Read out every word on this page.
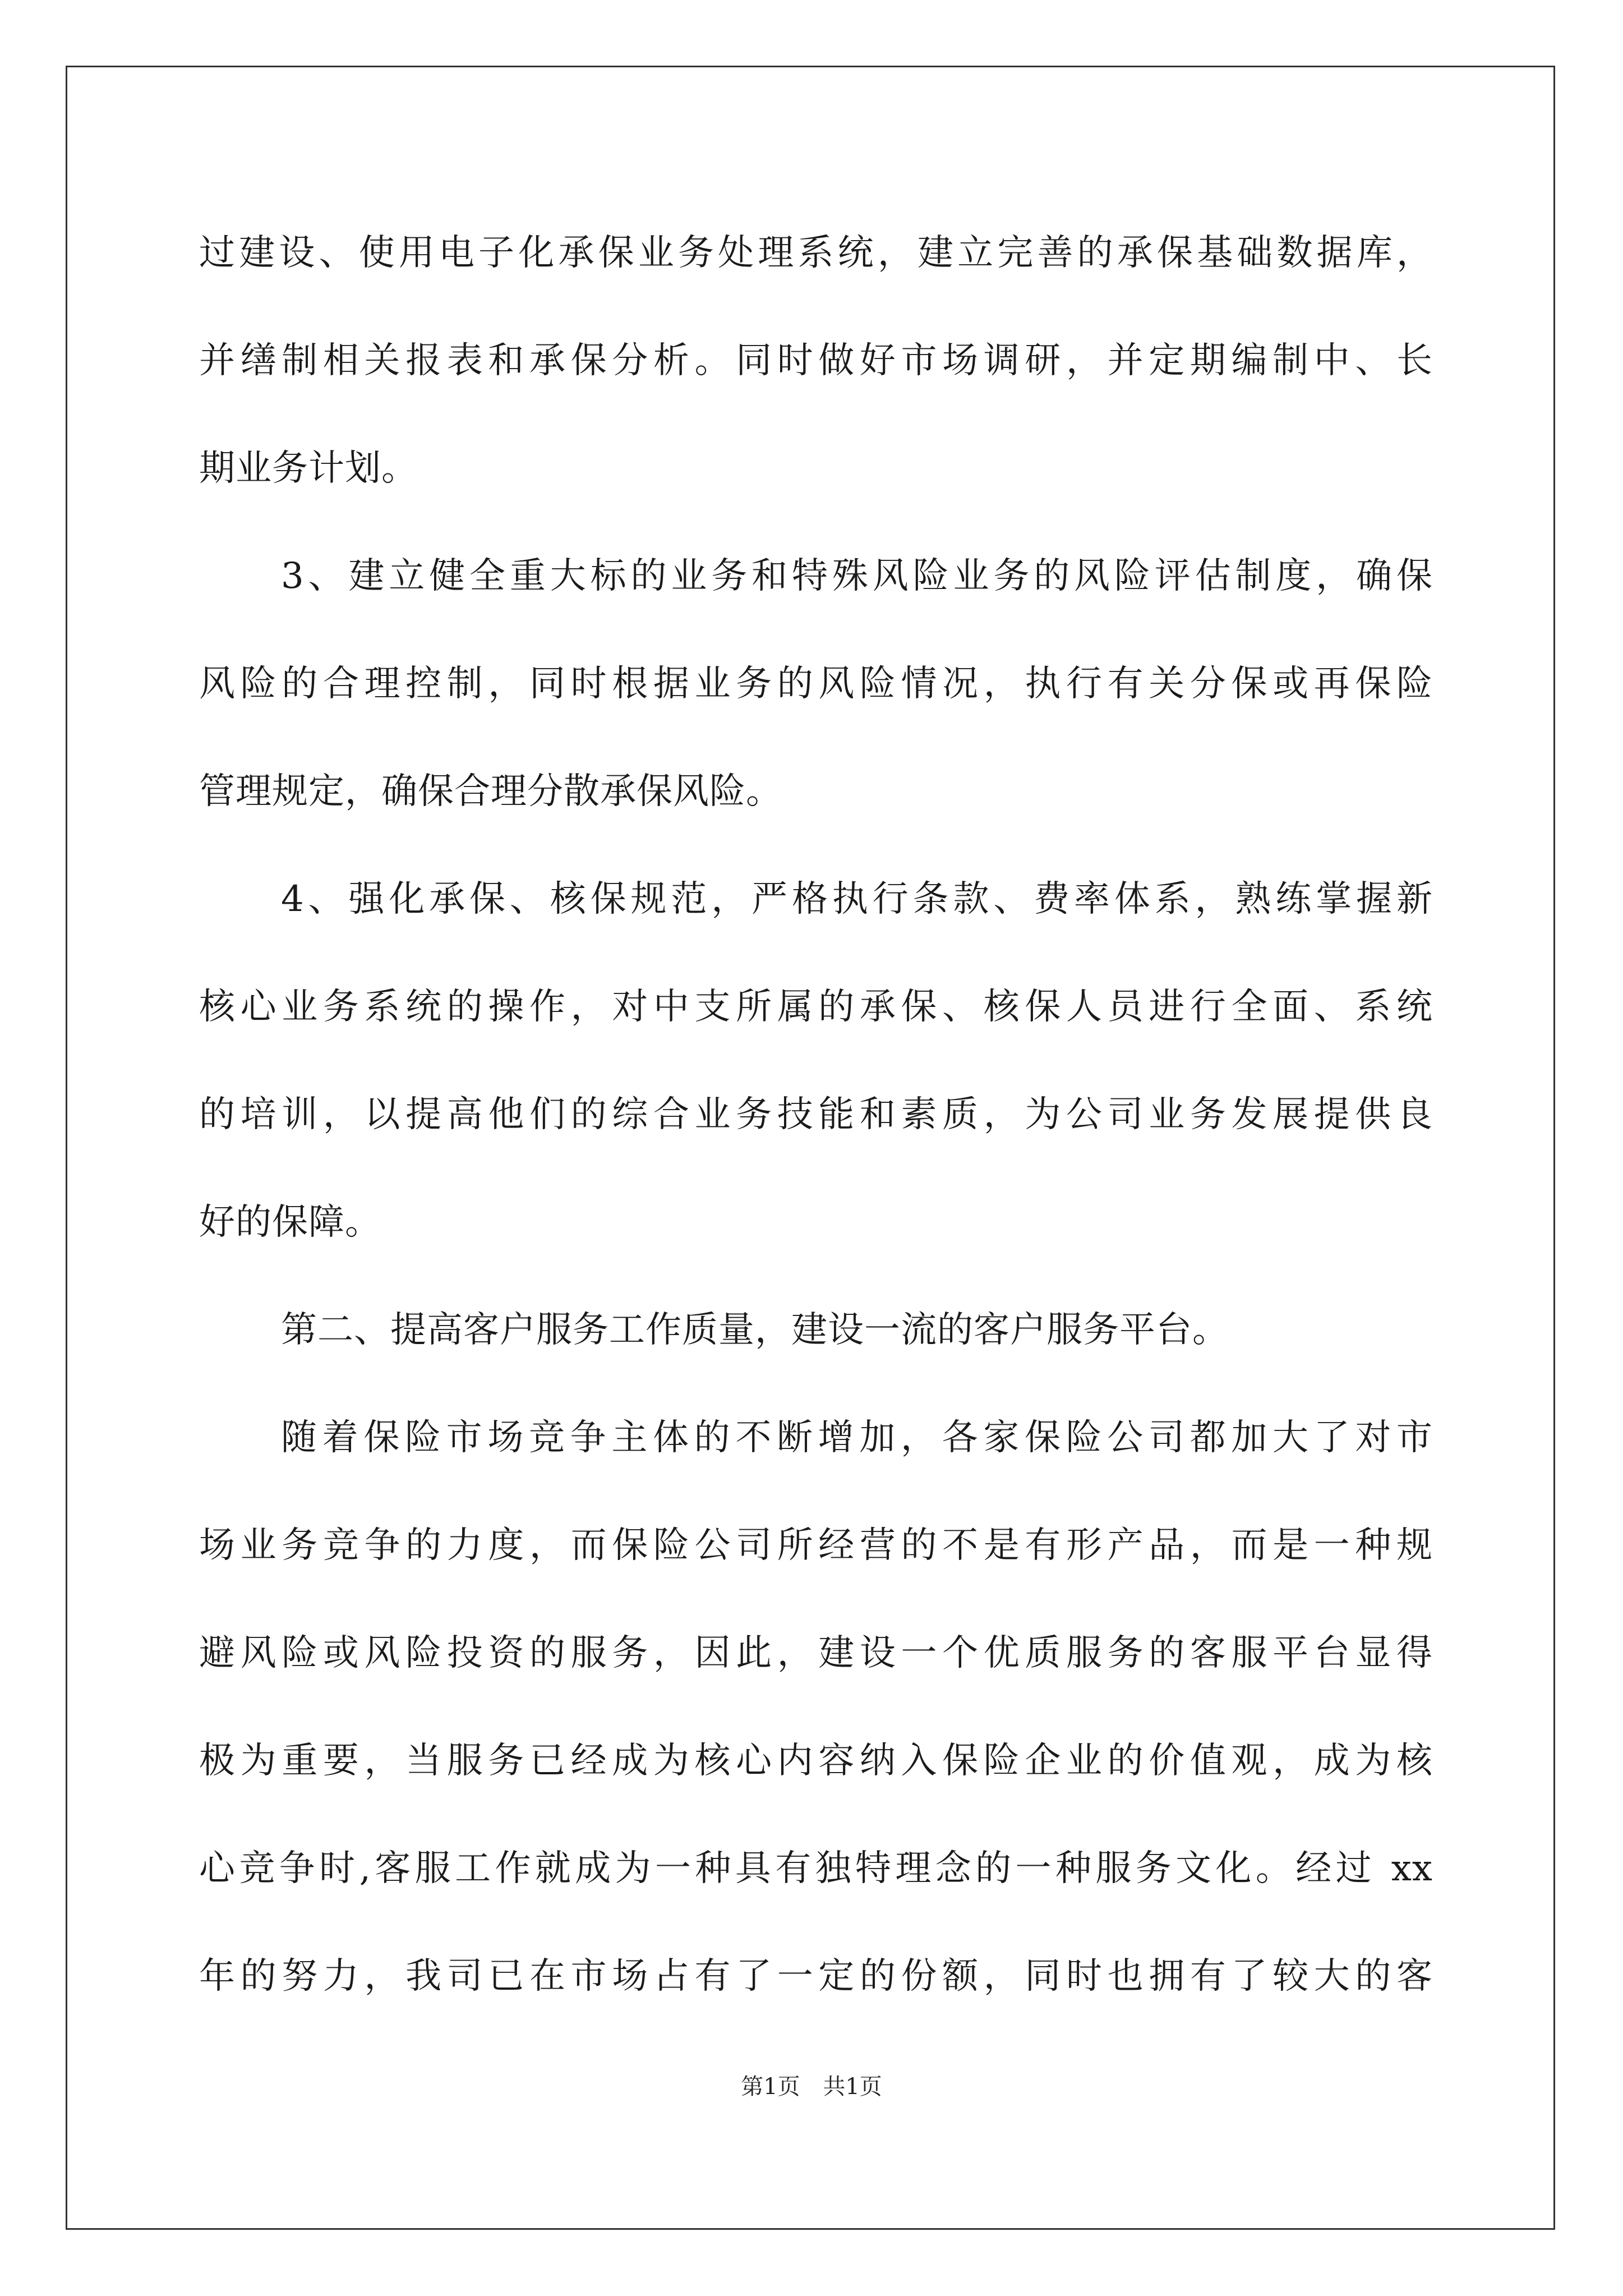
过建设、使用电子化承保业务处理系统，建立完善的承保基础数据库，
并缮制相关报表和承保分析。同时做好市场调研，并定期编制中、长
期业务计划。
3、建立健全重大标的业务和特殊风险业务的风险评估制度，确保
风险的合理控制，同时根据业务的风险情况，执行有关分保或再保险
管理规定，确保合理分散承保风险。
4、强化承保、核保规范，严格执行条款、费率体系，熟练掌握新
核心业务系统的操作，对中支所属的承保、核保人员进行全面、系统
的培训，以提高他们的综合业务技能和素质，为公司业务发展提供良
好的保障。
第二、提高客户服务工作质量，建设一流的客户服务平台。
随着保险市场竞争主体的不断增加，各家保险公司都加大了对市
场业务竞争的力度，而保险公司所经营的不是有形产品，而是一种规
避风险或风险投资的服务，因此，建设一个优质服务的客服平台显得
极为重要，当服务已经成为核心内容纳入保险企业的价值观，成为核
心竞争时,客服工作就成为一种具有独特理念的一种服务文化。经过 xx
年的努力，我司已在市场占有了一定的份额，同时也拥有了较大的客
第1页 共1页
